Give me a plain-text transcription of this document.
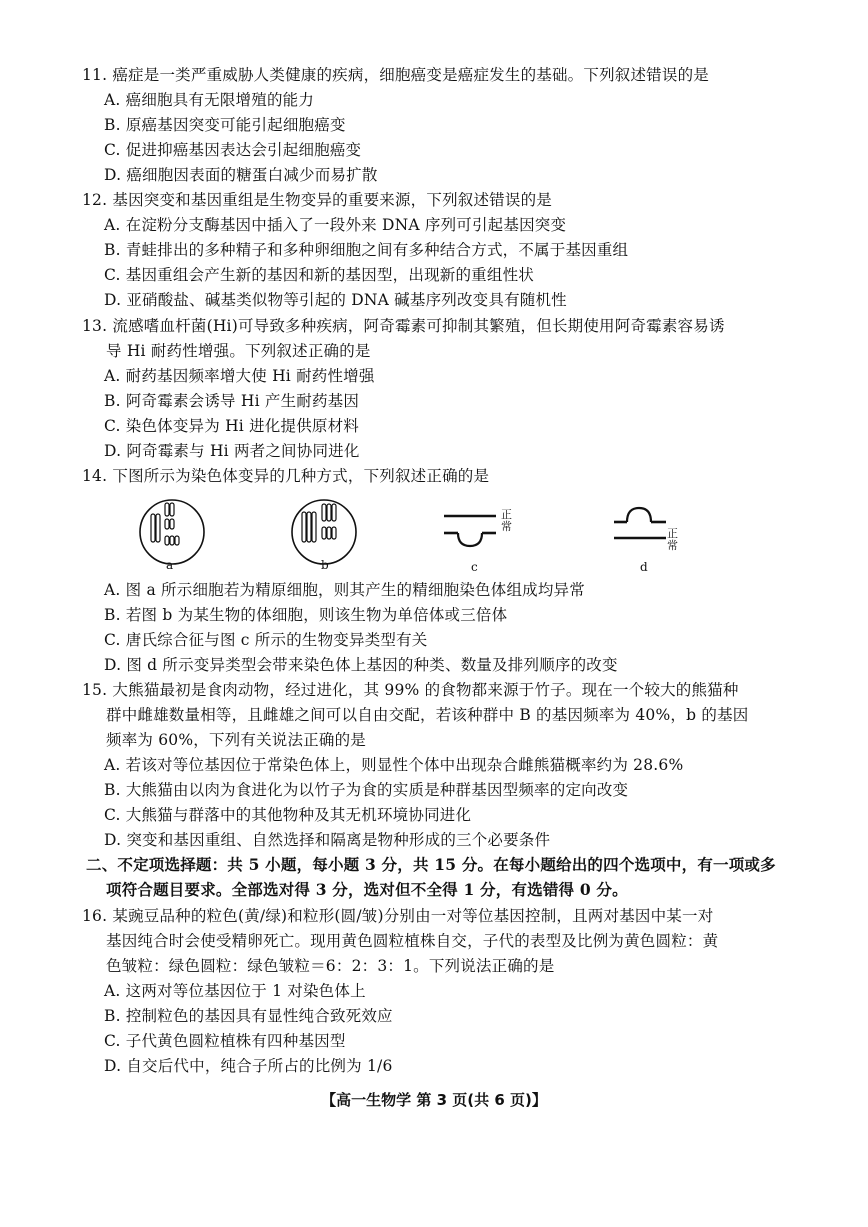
11. 癌症是一类严重威胁人类健康的疾病，细胞癌变是癌症发生的基础。下列叙述错误的是
A. 癌细胞具有无限增殖的能力
B. 原癌基因突变可能引起细胞癌变
C. 促进抑癌基因表达会引起细胞癌变
D. 癌细胞因表面的糖蛋白减少而易扩散
12. 基因突变和基因重组是生物变异的重要来源，下列叙述错误的是
A. 在淀粉分支酶基因中插入了一段外来 DNA 序列可引起基因突变
B. 青蛙排出的多种精子和多种卵细胞之间有多种结合方式，不属于基因重组
C. 基因重组会产生新的基因和新的基因型，出现新的重组性状
D. 亚硝酸盐、碱基类似物等引起的 DNA 碱基序列改变具有随机性
13. 流感嗜血杆菌(Hi)可导致多种疾病，阿奇霉素可抑制其繁殖，但长期使用阿奇霉素容易诱
导 Hi 耐药性增强。下列叙述正确的是
A. 耐药基因频率增大使 Hi 耐药性增强
B. 阿奇霉素会诱导 Hi 产生耐药基因
C. 染色体变异为 Hi 进化提供原材料
D. 阿奇霉素与 Hi 两者之间协同进化
14. 下图所示为染色体变异的几种方式，下列叙述正确的是
a	b
正常
c
正常
d
A. 图 a 所示细胞若为精原细胞，则其产生的精细胞染色体组成均异常
B. 若图 b 为某生物的体细胞，则该生物为单倍体或三倍体
C. 唐氏综合征与图 c 所示的生物变异类型有关
D. 图 d 所示变异类型会带来染色体上基因的种类、数量及排列顺序的改变
15. 大熊猫最初是食肉动物，经过进化，其 99% 的食物都来源于竹子。现在一个较大的熊猫种
群中雌雄数量相等，且雌雄之间可以自由交配，若该种群中 B 的基因频率为 40%，b 的基因
频率为 60%，下列有关说法正确的是
A. 若该对等位基因位于常染色体上，则显性个体中出现杂合雌熊猫概率约为 28.6%
B. 大熊猫由以肉为食进化为以竹子为食的实质是种群基因型频率的定向改变
C. 大熊猫与群落中的其他物种及其无机环境协同进化
D. 突变和基因重组、自然选择和隔离是物种形成的三个必要条件
二、不定项选择题：共 5 小题，每小题 3 分，共 15 分。在每小题给出的四个选项中，有一项或多
项符合题目要求。全部选对得 3 分，选对但不全得 1 分，有选错得 0 分。
16. 某豌豆品种的粒色(黄/绿)和粒形(圆/皱)分别由一对等位基因控制，且两对基因中某一对
基因纯合时会使受精卵死亡。现用黄色圆粒植株自交，子代的表型及比例为黄色圆粒：黄
色皱粒：绿色圆粒：绿色皱粒＝6：2：3：1。下列说法正确的是
A. 这两对等位基因位于 1 对染色体上
B. 控制粒色的基因具有显性纯合致死效应
C. 子代黄色圆粒植株有四种基因型
D. 自交后代中，纯合子所占的比例为 1/6
【高一生物学 第 3 页(共 6 页)】
